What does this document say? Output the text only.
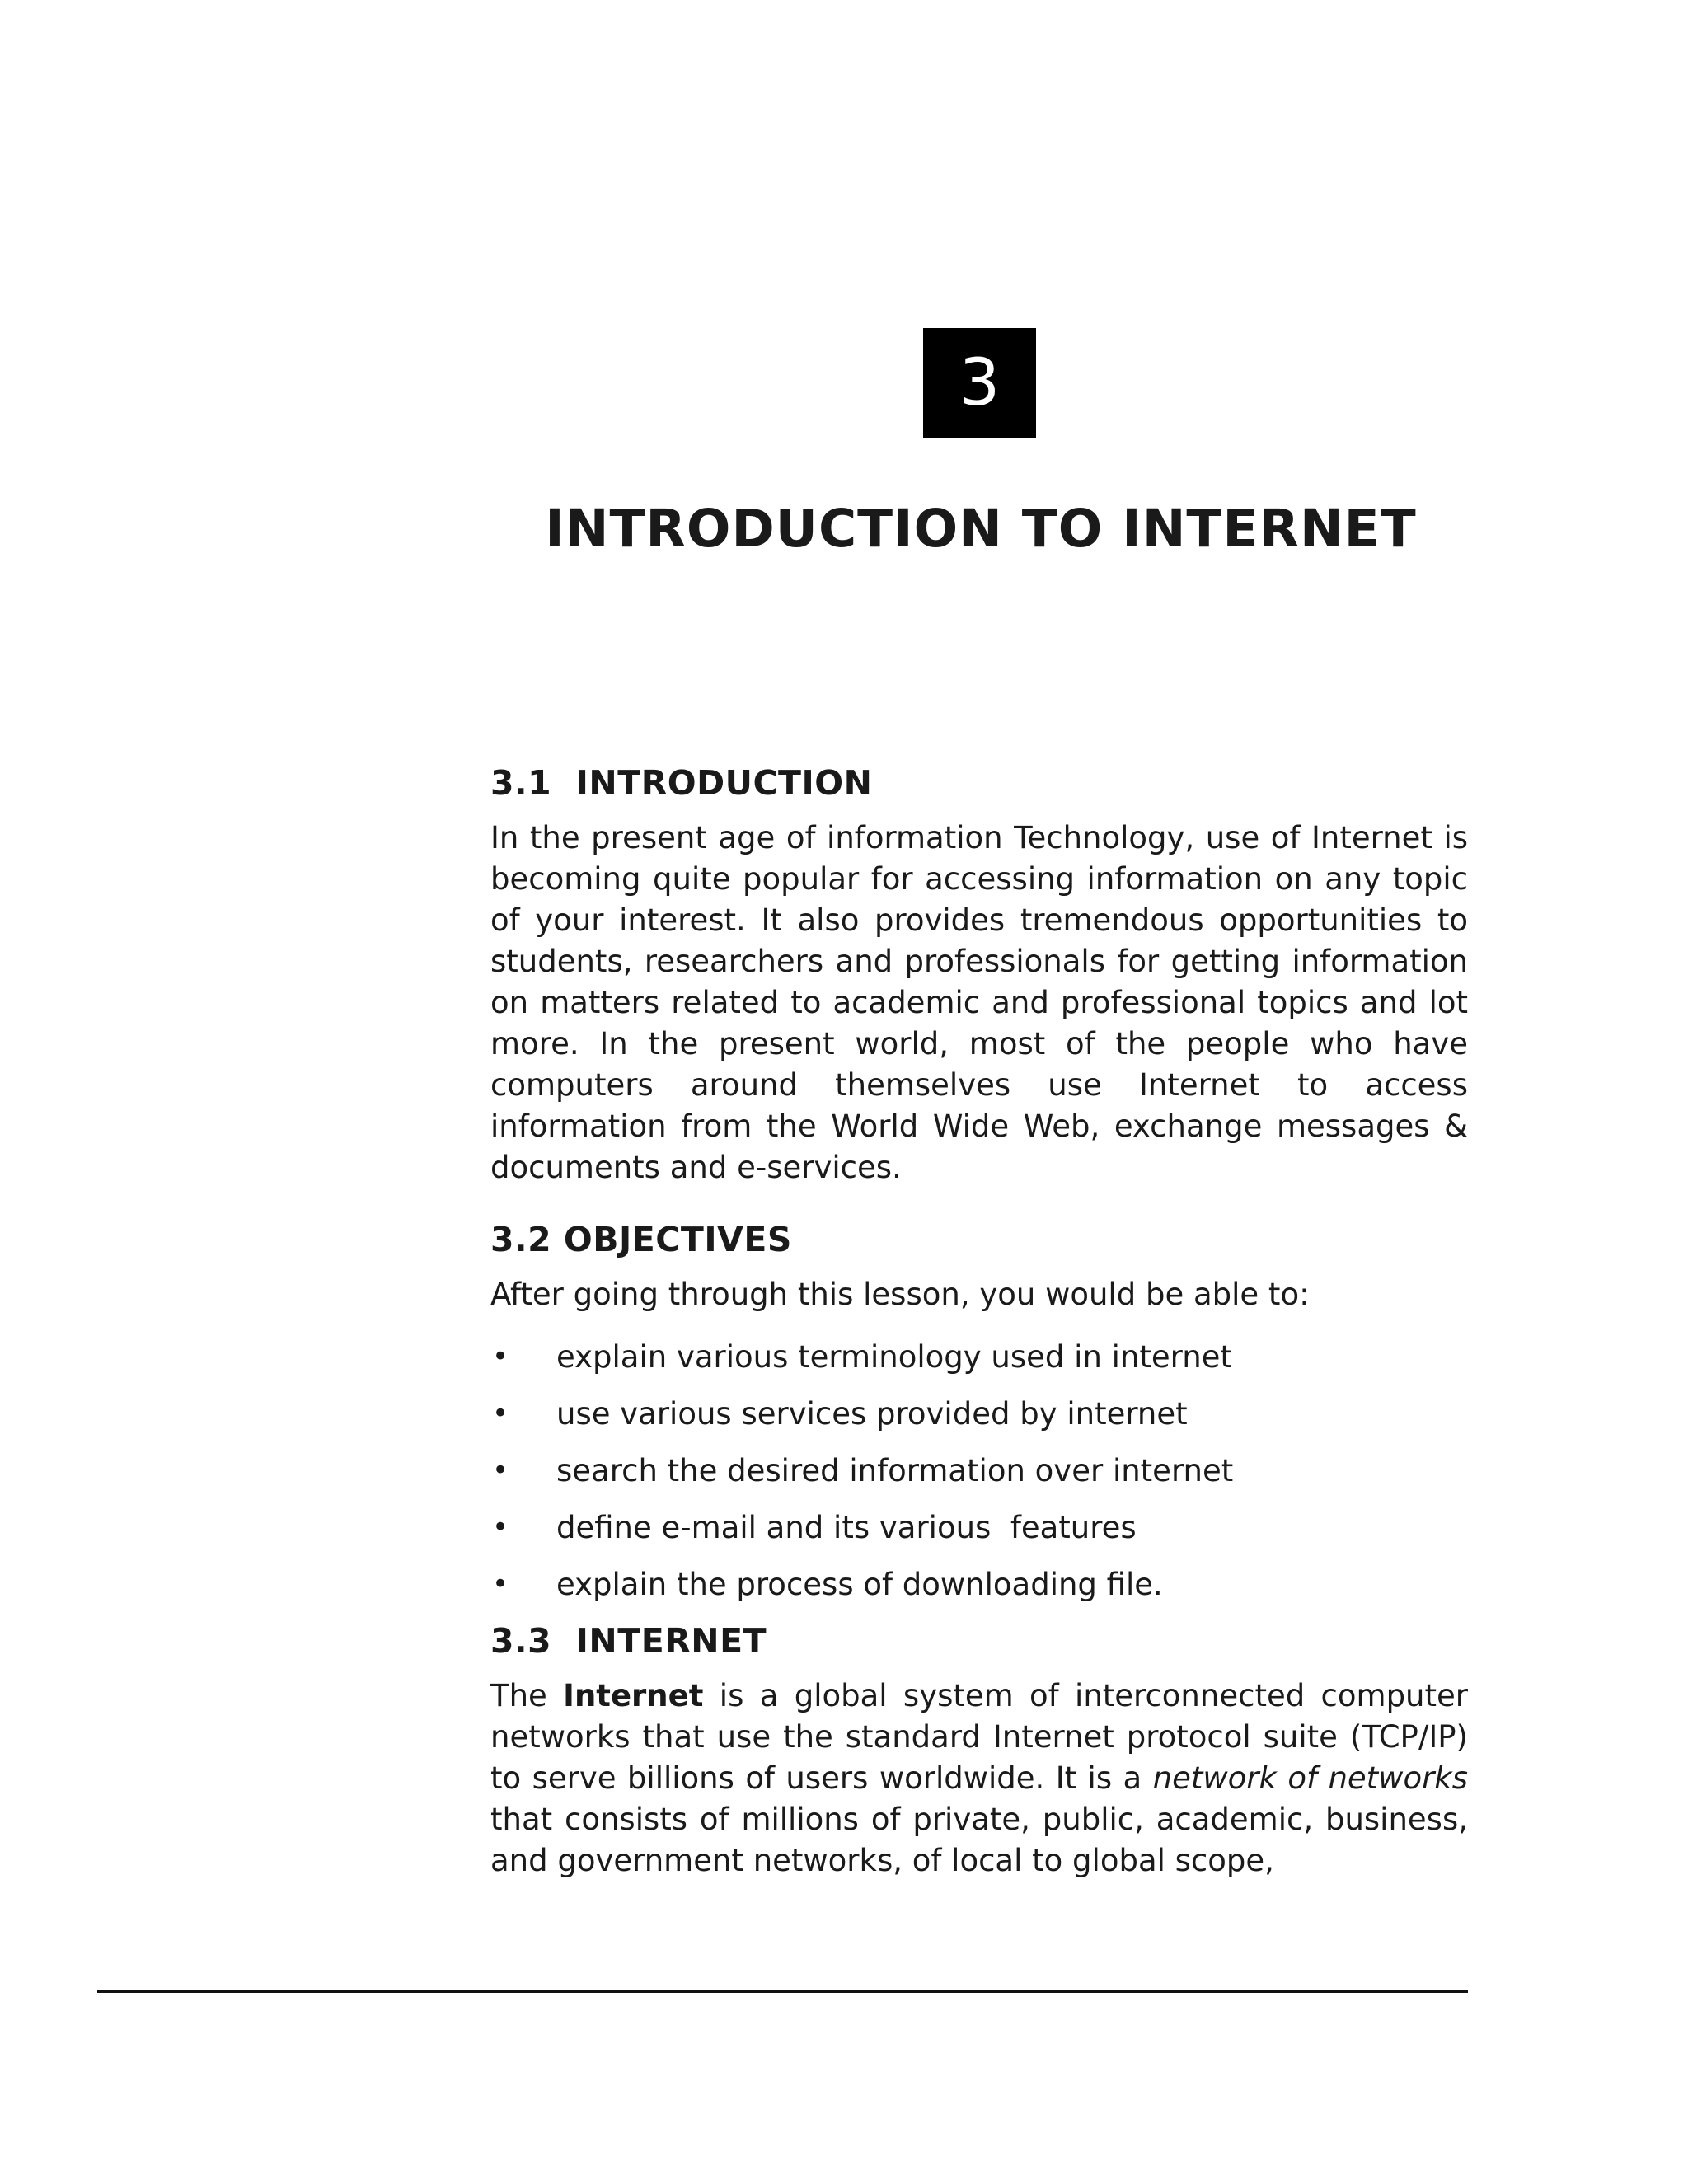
3
INTRODUCTION TO INTERNET
3.1  INTRODUCTION

In the present age of information Technology, use of Internet is becoming quite popular for accessing information on any topic of your interest. It also provides tremendous opportunities to students, researchers and professionals for getting information on matters related to academic and professional topics and lot more. In the present world, most of the people who have computers around themselves use Internet to access information from the World Wide Web, exchange messages & documents and e-services.

3.2 OBJECTIVES

After going through this lesson, you would be able to:

• explain various terminology used in internet
• use various services provided by internet
• search the desired information over internet
• define e-mail and its various  features
• explain the process of downloading file.
3.3  INTERNET

The Internet is a global system of interconnected computer networks that use the standard Internet protocol suite (TCP/IP) to serve billions of users worldwide. It is a network of networks that consists of millions of private, public, academic, business, and government networks, of local to global scope,
